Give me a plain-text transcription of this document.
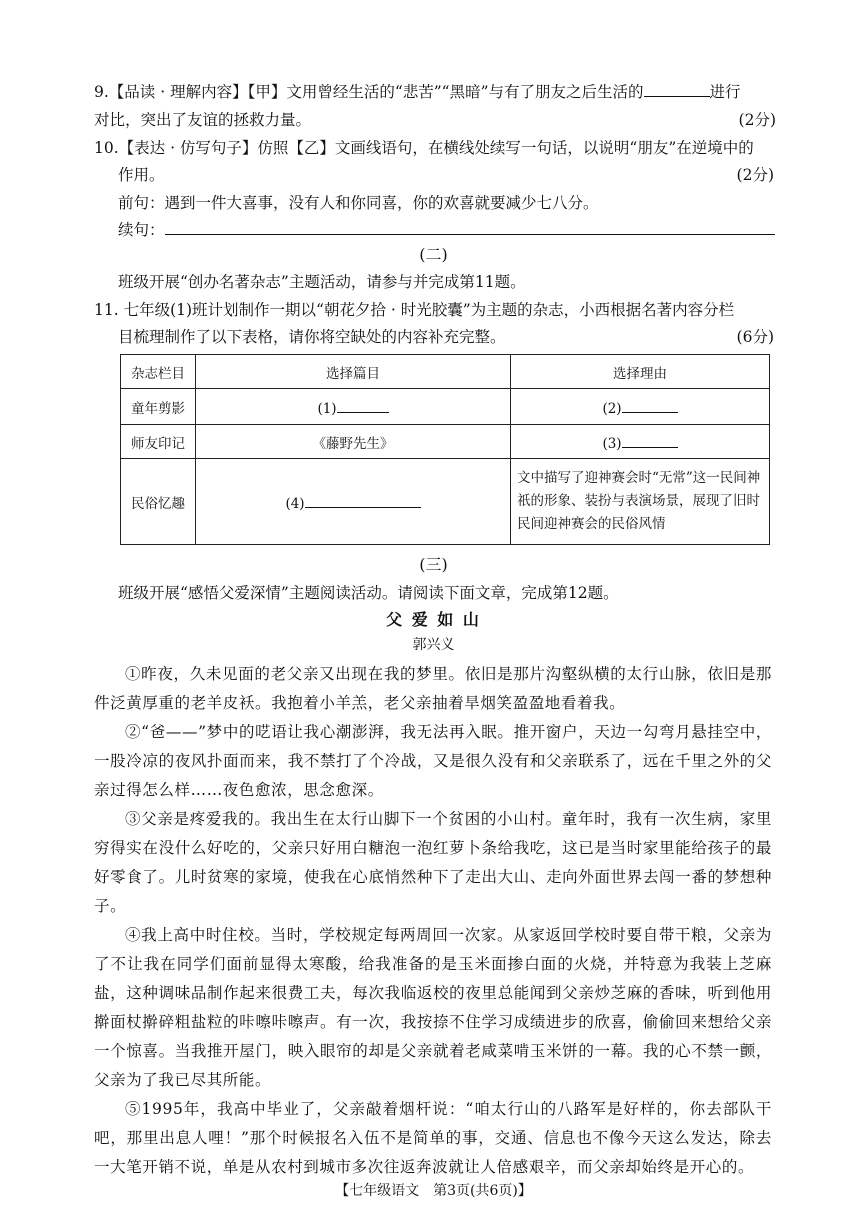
9.【品读 · 理解内容】【甲】文用曾经生活的“悲苦”“黑暗”与有了朋友之后生活的	进行
对比，突出了友谊的拯救力量。	(2分)
10.【表达 · 仿写句子】仿照【乙】文画线语句，在横线处续写一句话，以说明“朋友”在逆境中的
作用。	(2分)
前句：遇到一件大喜事，没有人和你同喜，你的欢喜就要减少七八分。
续句：
(二)
班级开展“创办名著杂志”主题活动，请参与并完成第11题。
11. 七年级(1)班计划制作一期以“朝花夕拾 · 时光胶囊”为主题的杂志，小西根据名著内容分栏
目梳理制作了以下表格，请你将空缺处的内容补充完整。	(6分)
杂志栏目	选择篇目	选择理由
童年剪影	(1)	(2)
师友印记	《藤野先生》	(3)
民俗忆趣	(4)	文中描写了迎神赛会时“无常”这一民间神祇的形象、装扮与表演场景，展现了旧时民间迎神赛会的民俗风情
(三)
班级开展“感悟父爱深情”主题阅读活动。请阅读下面文章，完成第12题。
父 爱 如 山
郭兴义

①昨夜，久未见面的老父亲又出现在我的梦里。依旧是那片沟壑纵横的太行山脉，依旧是那件泛黄厚重的老羊皮袄。我抱着小羊羔，老父亲抽着旱烟笑盈盈地看着我。

②“爸——”梦中的呓语让我心潮澎湃，我无法再入眠。推开窗户，天边一勾弯月悬挂空中，一股冷凉的夜风扑面而来，我不禁打了个冷战，又是很久没有和父亲联系了，远在千里之外的父亲过得怎么样……夜色愈浓，思念愈深。

③父亲是疼爱我的。我出生在太行山脚下一个贫困的小山村。童年时，我有一次生病，家里穷得实在没什么好吃的，父亲只好用白糖泡一泡红萝卜条给我吃，这已是当时家里能给孩子的最好零食了。儿时贫寒的家境，使我在心底悄然种下了走出大山、走向外面世界去闯一番的梦想种子。

④我上高中时住校。当时，学校规定每两周回一次家。从家返回学校时要自带干粮，父亲为了不让我在同学们面前显得太寒酸，给我准备的是玉米面掺白面的火烧，并特意为我装上芝麻盐，这种调味品制作起来很费工夫，每次我临返校的夜里总能闻到父亲炒芝麻的香味，听到他用擀面杖擀碎粗盐粒的咔嚓咔嚓声。有一次，我按捺不住学习成绩进步的欣喜，偷偷回来想给父亲一个惊喜。当我推开屋门，映入眼帘的却是父亲就着老咸菜啃玉米饼的一幕。我的心不禁一颤，父亲为了我已尽其所能。

⑤1995年，我高中毕业了，父亲敲着烟杆说：“咱太行山的八路军是好样的，你去部队干吧，那里出息人哩！”那个时候报名入伍不是简单的事，交通、信息也不像今天这么发达，除去一大笔开销不说，单是从农村到城市多次往返奔波就让人倍感艰辛，而父亲却始终是开心的。

【七年级语文　第3页(共6页)】
